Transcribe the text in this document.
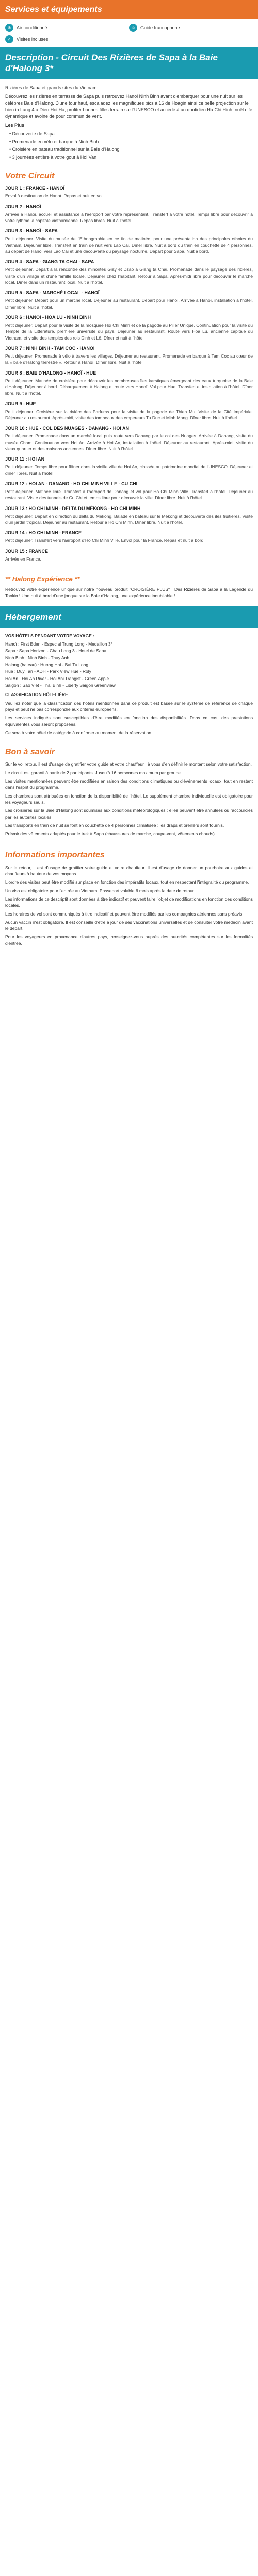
Services et équipements
❄	Air conditionné	☺	Guide francophone
✓	Visites incluses
Description - Circuit Des Rizières de Sapa à la Baie d'Halong 3*

Rizières de Sapa et grands sites du Vietnam

Découvrez les rizières en terrasse de Sapa puis retrouvez Hanoi Ninh Binh avant d'embarquer pour une nuit sur les célèbres Baie d'Halong. D'une tour haut, escaladez les magnifiques pics à 15 de Hoagin ainsi ce belle projection sur le bien in Lang 4 à Dien Hoi Ha, profiter bonnes filles terrain sur l'UNESCO et accédé à un quotidien Ha Chi Hinh, noël elfe dynamique et avoine de pour commun de vent.

Les Plus

• Découverte de Sapa
• Promenade en vélo et barque à Ninh Binh
• Croisière en bateau traditionnel sur la Baie d'Halong
• 3 journées entière à votre gout à Hoi Van
Votre Circuit
JOUR 1 : FRANCE - HANOÏ
Envol à destination de Hanoï. Repas et nuit en vol.
JOUR 2 : HANOÏ
Arrivée à Hanoï, accueil et assistance à l'aéroport par votre représentant. Transfert à votre hôtel. Temps libre pour découvrir à votre rythme la capitale vietnamienne. Repas libres. Nuit à l'hôtel.
JOUR 3 : HANOÏ - SAPA
Petit déjeuner. Visite du musée de l'Ethnographie en ce fin de matinée, pour une présentation des principales ethnies du Vietnam. Déjeuner libre. Transfert en train de nuit vers Lao Cai. Dîner libre. Nuit à bord du train en couchette de 4 personnes, au départ de Hanoï vers Lao Cai et une découverte du paysage nocturne. Départ pour Sapa. Nuit à bord.
JOUR 4 : SAPA - GIANG TA CHAI - SAPA
Petit déjeuner. Départ à la rencontre des minorités Giay et Dzao à Giang ta Chai. Promenade dans le paysage des rizières, visite d'un village et d'une famille locale. Déjeuner chez l'habitant. Retour à Sapa. Après-midi libre pour découvrir le marché local. Dîner dans un restaurant local. Nuit à l'hôtel.
JOUR 5 : SAPA - MARCHÉ LOCAL - HANOÏ
Petit déjeuner. Départ pour un marché local. Déjeuner au restaurant. Départ pour Hanoï. Arrivée à Hanoï, installation à l'hôtel. Dîner libre. Nuit à l'hôtel.
JOUR 6 : HANOÏ - HOA LU - NINH BINH
Petit déjeuner. Départ pour la visite de la mosquée Hoi Chi Minh et de la pagode au Pilier Unique. Continuation pour la visite du Temple de la Littérature, première université du pays. Déjeuner au restaurant. Route vers Hoa Lu, ancienne capitale du Vietnam, et visite des temples des rois Dinh et Lê. Dîner et nuit à l'hôtel.
JOUR 7 : NINH BINH - TAM COC - HANOÏ
Petit déjeuner. Promenade à vélo à travers les villages. Déjeuner au restaurant. Promenade en barque à Tam Coc au cœur de la « baie d'Halong terrestre ». Retour à Hanoï. Dîner libre. Nuit à l'hôtel.
JOUR 8 : BAIE D'HALONG - HANOÏ - HUE
Petit déjeuner. Matinée de croisière pour découvrir les nombreuses îles karstiques émergeant des eaux turquoise de la Baie d'Halong. Déjeuner à bord. Débarquement à Halong et route vers Hanoï. Vol pour Hue. Transfert et installation à l'hôtel. Dîner libre. Nuit à l'hôtel.
JOUR 9 : HUE
Petit déjeuner. Croisière sur la rivière des Parfums pour la visite de la pagode de Thien Mu. Visite de la Cité Impériale. Déjeuner au restaurant. Après-midi, visite des tombeaux des empereurs Tu Duc et Minh Mang. Dîner libre. Nuit à l'hôtel.
JOUR 10 : HUE - COL DES NUAGES - DANANG - HOI AN
Petit déjeuner. Promenade dans un marché local puis route vers Danang par le col des Nuages. Arrivée à Danang, visite du musée Cham. Continuation vers Hoi An. Arrivée à Hoi An, installation à l'hôtel. Déjeuner au restaurant. Après-midi, visite du vieux quartier et des maisons anciennes. Dîner libre. Nuit à l'hôtel.
JOUR 11 : HOI AN
Petit déjeuner. Temps libre pour flâner dans la vieille ville de Hoi An, classée au patrimoine mondial de l'UNESCO. Déjeuner et dîner libres. Nuit à l'hôtel.
JOUR 12 : HOI AN - DANANG - HO CHI MINH VILLE - CU CHI
Petit déjeuner. Matinée libre. Transfert à l'aéroport de Danang et vol pour Ho Chi Minh Ville. Transfert à l'hôtel. Déjeuner au restaurant. Visite des tunnels de Cu Chi et temps libre pour découvrir la ville. Dîner libre. Nuit à l'hôtel.
JOUR 13 : HO CHI MINH - DELTA DU MÉKONG - HO CHI MINH
Petit déjeuner. Départ en direction du delta du Mékong. Balade en bateau sur le Mékong et découverte des îles fruitières. Visite d'un jardin tropical. Déjeuner au restaurant. Retour à Ho Chi Minh. Dîner libre. Nuit à l'hôtel.
JOUR 14 : HO CHI MINH - FRANCE
Petit déjeuner. Transfert vers l'aéroport d'Ho Chi Minh Ville. Envol pour la France. Repas et nuit à bord.
JOUR 15 : FRANCE
Arrivée en France.
** Halong Expérience **

Retrouvez votre expérience unique sur notre nouveau produit "CROISIÈRE PLUS" : Des Rizières de Sapa à la Légende du Tonkin ! Une nuit à bord d'une jonque sur la Baie d'Halong, une expérience inoubliable !

Hébergement

VOS HÔTELS PENDANT VOTRE VOYAGE :

Hanoï : First Eden - Especial Trung Long - Medaillon 3*
Sapa : Sapa Horizon - Chau Long 3 - Hotel de Sapa
Ninh Binh : Ninh Binh - Thuy Anh
Halong (bateau) : Huong Hai - Bai Tu Long
Hue : Duy Tan - ADH - Park View Hue - Roly
Hoi An : Hoi An River - Hoi Ani Trangist - Green Apple
Saigon : Sao Viet - Thai Binh - Liberty Saigon Greenview

CLASSIFICATION HÔTELIÈRE

Veuillez noter que la classification des hôtels mentionnée dans ce produit est basée sur le système de référence de chaque pays et peut ne pas correspondre aux critères européens.

Les services indiqués sont susceptibles d'être modifiés en fonction des disponibilités. Dans ce cas, des prestations équivalentes vous seront proposées.

Ce sera à votre hôtel de catégorie à confirmer au moment de la réservation.

Bon à savoir

Sur le vol retour, il est d'usage de gratifier votre guide et votre chauffeur ; à vous d'en définir le montant selon votre satisfaction.

Le circuit est garanti à partir de 2 participants. Jusqu'à 16 personnes maximum par groupe.

Les visites mentionnées peuvent être modifiées en raison des conditions climatiques ou d'événements locaux, tout en restant dans l'esprit du programme.

Les chambres sont attribuées en fonction de la disponibilité de l'hôtel. Le supplément chambre individuelle est obligatoire pour les voyageurs seuls.

Les croisières sur la Baie d'Halong sont soumises aux conditions météorologiques ; elles peuvent être annulées ou raccourcies par les autorités locales.

Les transports en train de nuit se font en couchette de 4 personnes climatisée ; les draps et oreillers sont fournis.

Prévoir des vêtements adaptés pour le trek à Sapa (chaussures de marche, coupe-vent, vêtements chauds).

Informations importantes

Sur le retour, il est d'usage de gratifier votre guide et votre chauffeur. Il est d'usage de donner un pourboire aux guides et chauffeurs à hauteur de vos moyens.

L'ordre des visites peut être modifié sur place en fonction des impératifs locaux, tout en respectant l'intégralité du programme.

Un visa est obligatoire pour l'entrée au Vietnam. Passeport valable 6 mois après la date de retour.

Les informations de ce descriptif sont données à titre indicatif et peuvent faire l'objet de modifications en fonction des conditions locales.

Les horaires de vol sont communiqués à titre indicatif et peuvent être modifiés par les compagnies aériennes sans préavis.

Aucun vaccin n'est obligatoire. Il est conseillé d'être à jour de ses vaccinations universelles et de consulter votre médecin avant le départ.

Pour les voyageurs en provenance d'autres pays, renseignez-vous auprès des autorités compétentes sur les formalités d'entrée.
